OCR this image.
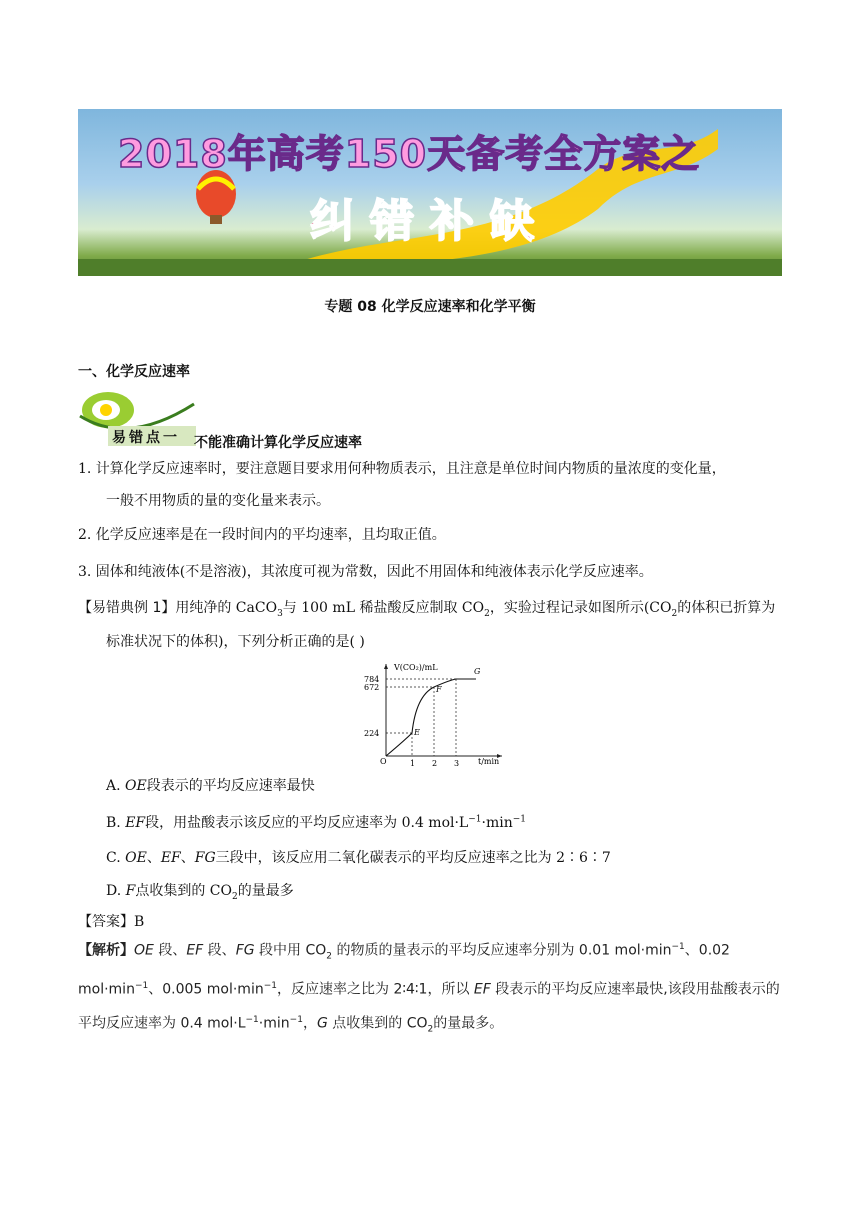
2018年高考150天备考全方案之
纠错补缺
专题 08 化学反应速率和化学平衡
一、化学反应速率
易错点一 不能准确计算化学反应速率
1. 计算化学反应速率时，要注意题目要求用何种物质表示，且注意是单位时间内物质的量浓度的变化量，
一般不用物质的量的变化量来表示。
2. 化学反应速率是在一段时间内的平均速率，且均取正值。
3. 固体和纯液体(不是溶液)，其浓度可视为常数，因此不用固体和纯液体表示化学反应速率。
【易错典例 1】用纯净的 CaCO$_3$与 100 mL 稀盐酸反应制取 $CO_2$，实验过程记录如图所示($CO_2$的体积已折算为
标准状况下的体积)，下列分析正确的是( )
V(CO₂)/mL
t/min
O
784
672
224
1 2 3
E
F
G
A. OE段表示的平均反应速率最快
B. EF段，用盐酸表示该反应的平均反应速率为 0.4 $mol\cdot L^{-1}\cdot\min^{-1}$
C. OE、EF、FG三段中，该反应用二氧化碳表示的平均反应速率之比为 2∶6∶7
D. F点收集到的 $CO_2$的量最多
【答案】B
【解析】OE 段、EF 段、FG 段中用 $CO_2$ 的物质的量表示的平均反应速率分别为 0.01 $mol\cdot\min^{-1}$、0.02 $mol\cdot\min^{-1}$、0.005 $mol\cdot\min^{-1}$，反应速率之比为 2∶4∶1，所以 EF 段表示的平均反应速率最快,该段用盐酸表示的平均反应速率为 0.4 $mol\cdot L^{-1}\cdot\min^{-1}$，G 点收集到的 $CO_2$的量最多。
